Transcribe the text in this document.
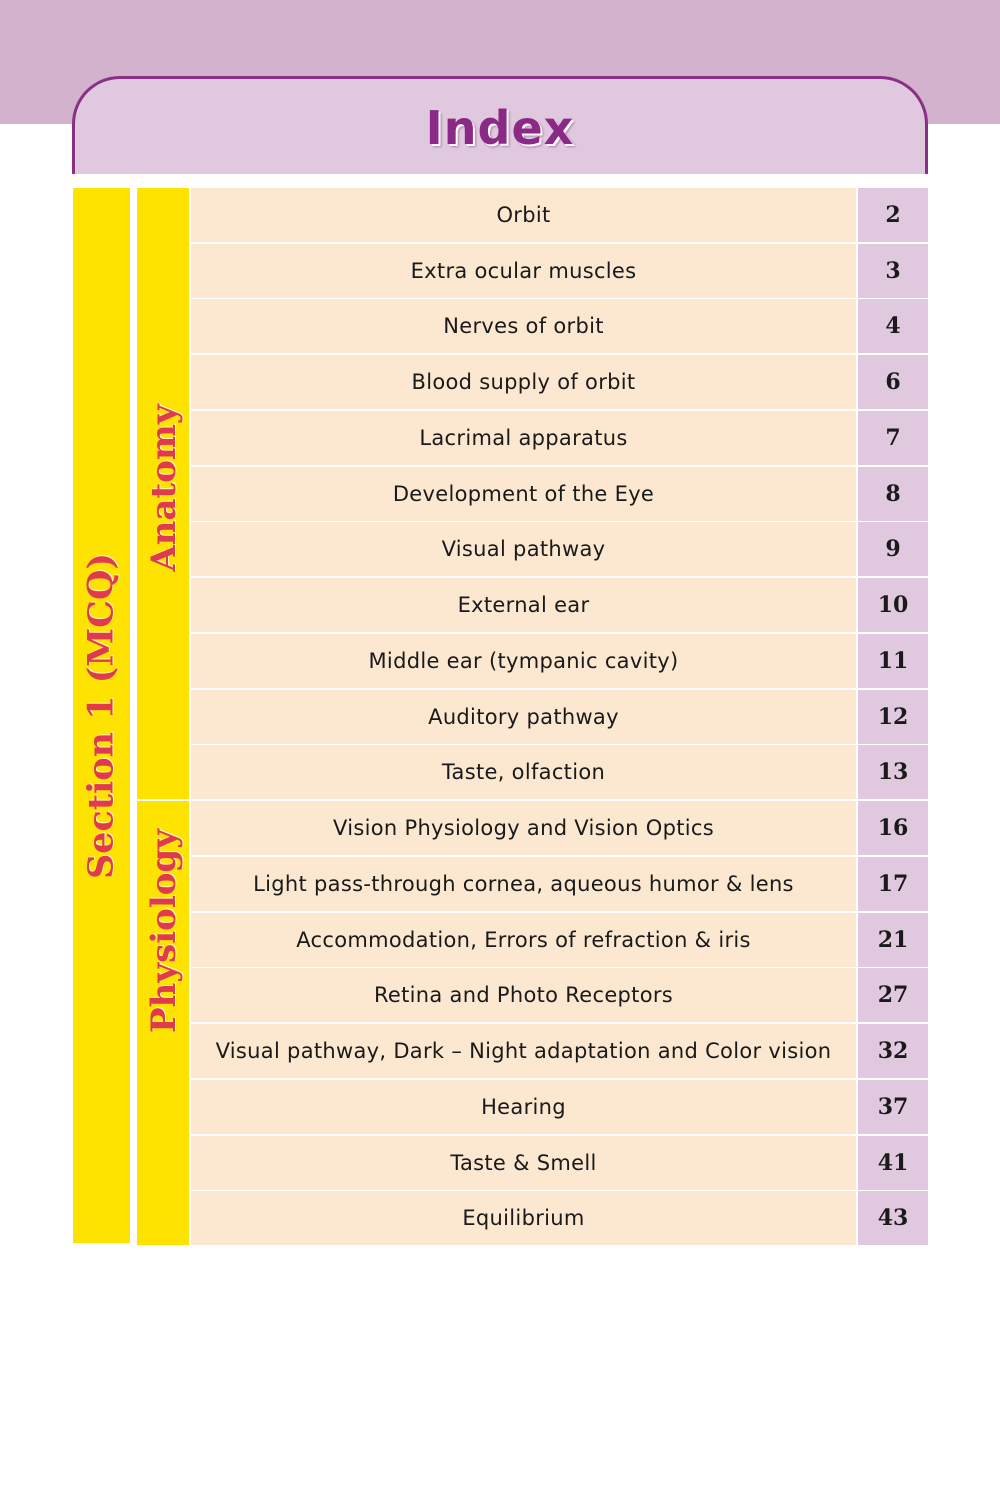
Index
Section 1 (MCQ)
Anatomy
Physiology
Orbit	2
Extra ocular muscles	3
Nerves of orbit	4
Blood supply of orbit	6
Lacrimal apparatus	7
Development of the Eye	8
Visual pathway	9
External ear	10
Middle ear (tympanic cavity)	11
Auditory pathway	12
Taste, olfaction	13
Vision Physiology and Vision Optics	16
Light pass-through cornea, aqueous humor & lens	17
Accommodation, Errors of refraction & iris	21
Retina and Photo Receptors	27
Visual pathway, Dark – Night adaptation and Color vision	32
Hearing	37
Taste & Smell	41
Equilibrium	43
